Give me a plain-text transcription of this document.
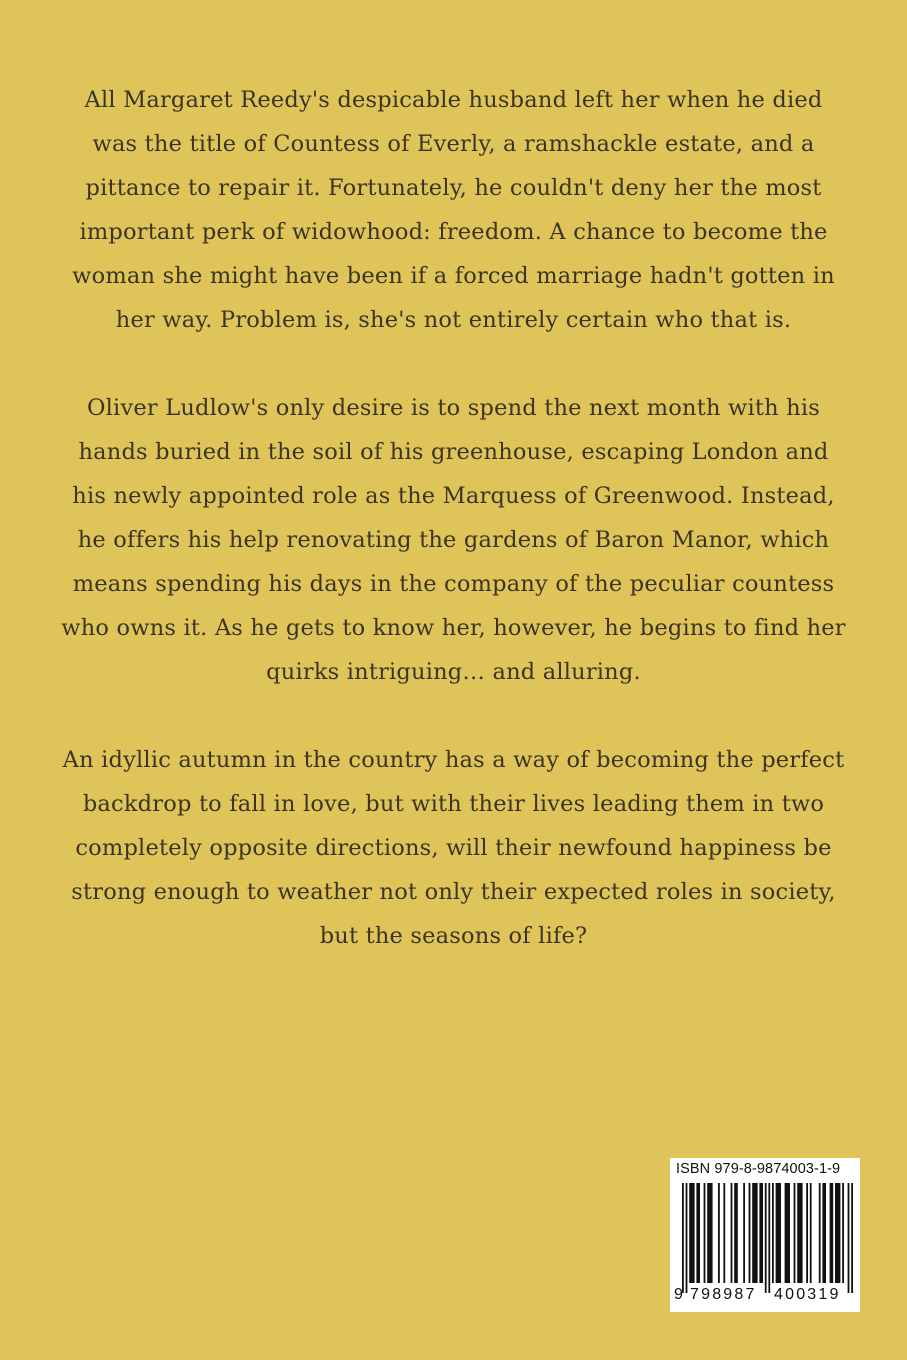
All Margaret Reedy's despicable husband left her when he died was the title of Countess of Everly, a ramshackle estate, and a pittance to repair it. Fortunately, he couldn't deny her the most important perk of widowhood: freedom. A chance to become the woman she might have been if a forced marriage hadn't gotten in her way. Problem is, she's not entirely certain who that is.

Oliver Ludlow's only desire is to spend the next month with his hands buried in the soil of his greenhouse, escaping London and his newly appointed role as the Marquess of Greenwood. Instead, he offers his help renovating the gardens of Baron Manor, which means spending his days in the company of the peculiar countess who owns it. As he gets to know her, however, he begins to find her quirks intriguing… and alluring.

An idyllic autumn in the country has a way of becoming the perfect backdrop to fall in love, but with their lives leading them in two completely opposite directions, will their newfound happiness be strong enough to weather not only their expected roles in society, but the seasons of life?

ISBN 979-8-9874003-1-9
9 798987 400319
